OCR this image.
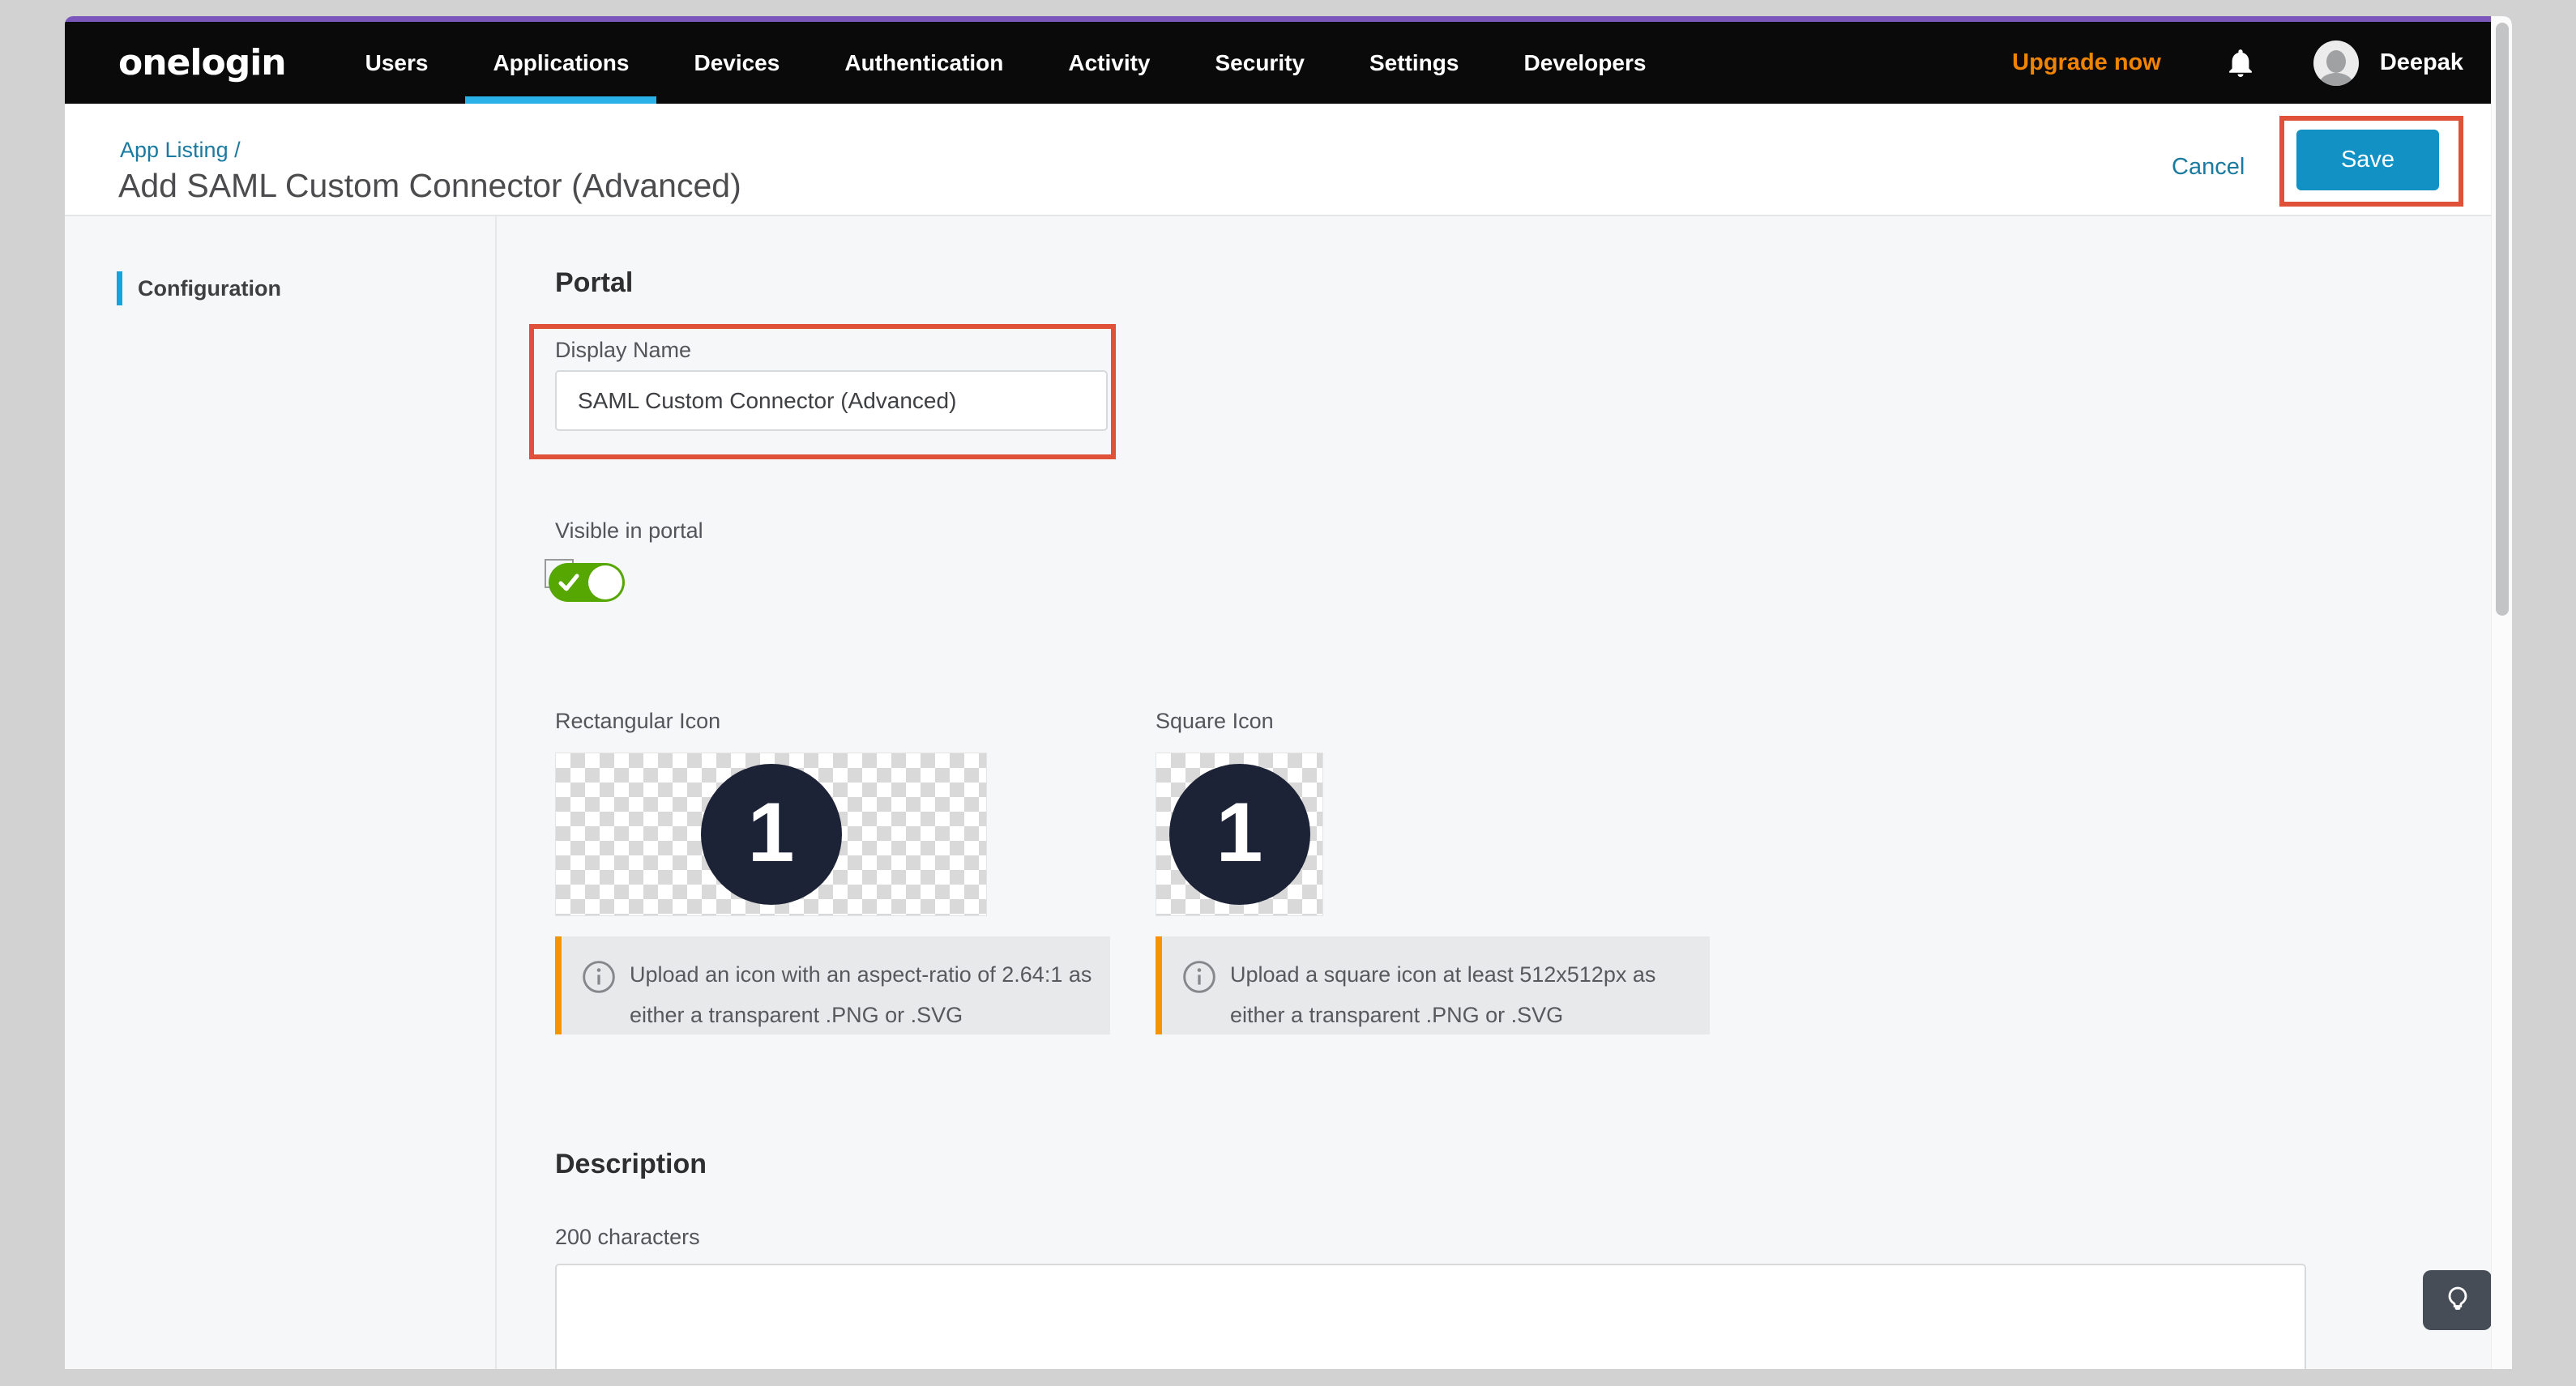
onelogin	Users	Applications	Devices	Authentication	Activity	Security	Settings	Developers	Upgrade now	Deepak
App Listing /
Add SAML Custom Connector (Advanced)	Cancel	Save
Configuration	Portal
Display Name
SAML Custom Connector (Advanced)
Visible in portal
Rectangular Icon	Square Icon
1	1
Upload an icon with an aspect-ratio of 2.64:1 as
either a transparent .PNG or .SVG
Upload a square icon at least 512x512px as
either a transparent .PNG or .SVG
Description
200 characters
